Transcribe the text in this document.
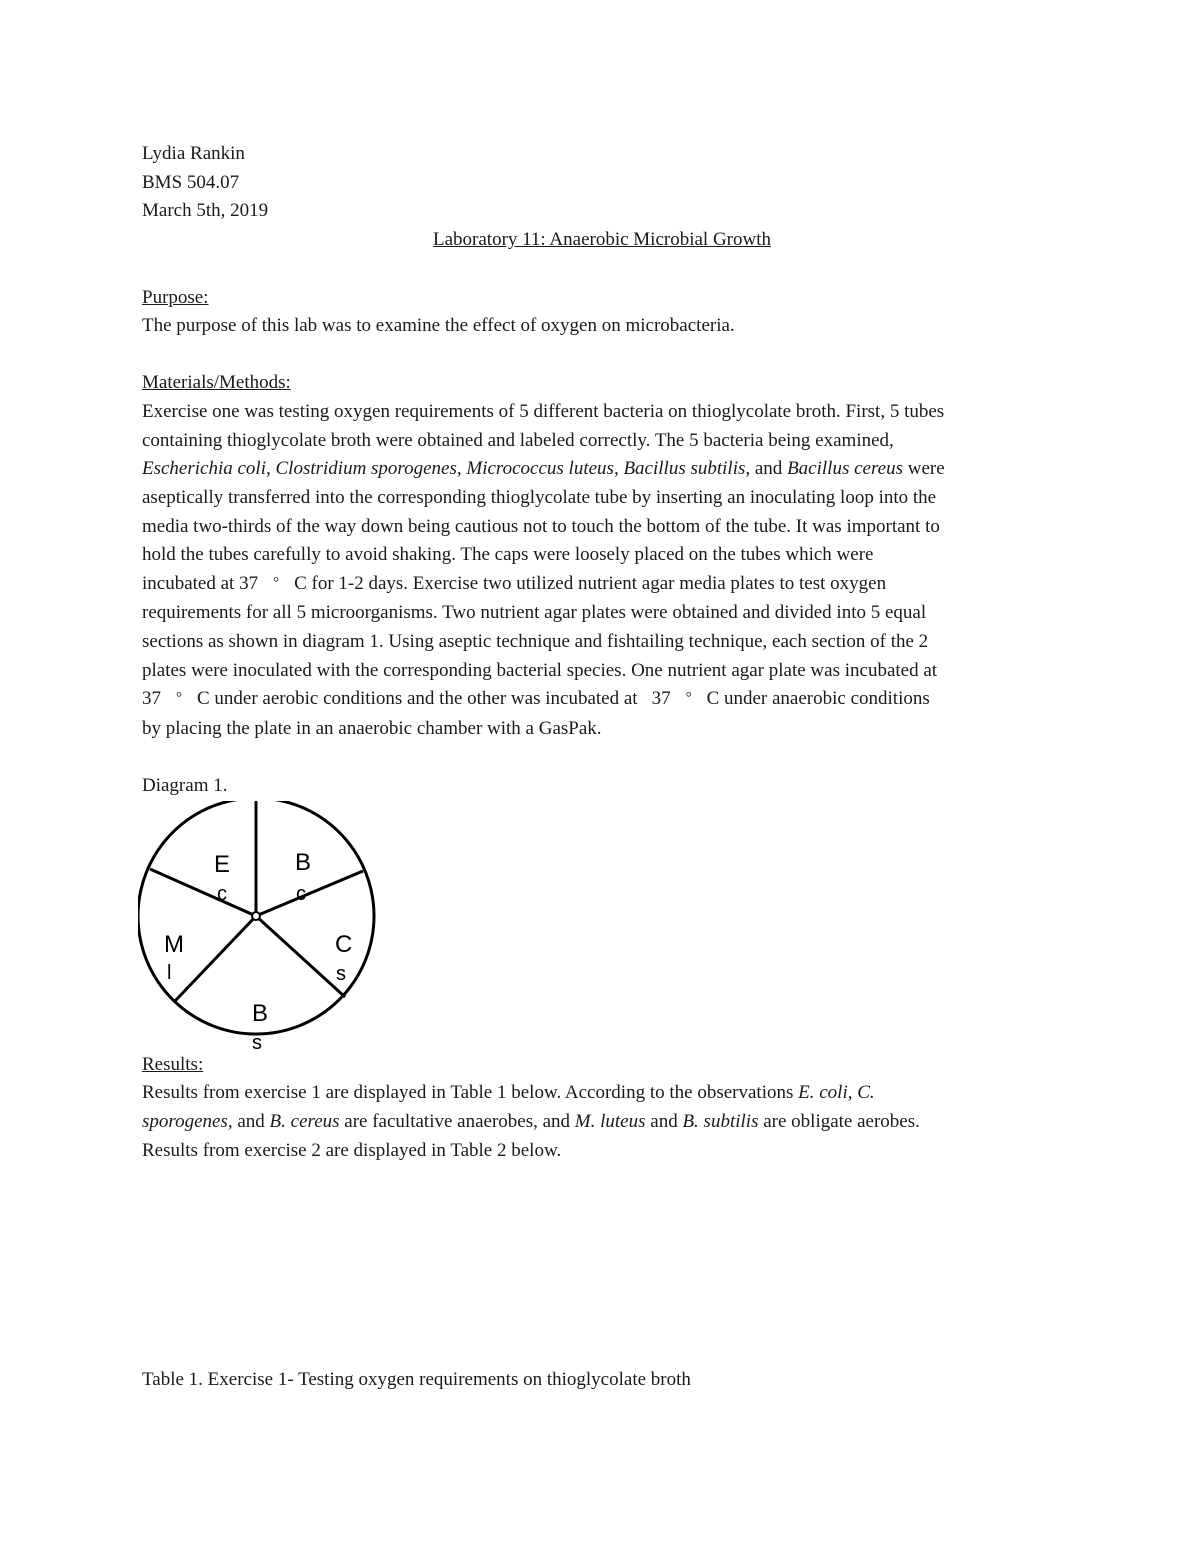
Lydia Rankin
BMS 504.07
March 5th, 2019
Laboratory 11: Anaerobic Microbial Growth
Purpose:
The purpose of this lab was to examine the effect of oxygen on microbacteria.
Materials/Methods:
Exercise one was testing oxygen requirements of 5 different bacteria on thioglycolate broth. First, 5 tubes
containing thioglycolate broth were obtained and labeled correctly. The 5 bacteria being examined,
Escherichia coli, Clostridium sporogenes, Micrococcus luteus, Bacillus subtilis, and Bacillus cereus were
aseptically transferred into the corresponding thioglycolate tube by inserting an inoculating loop into the
media two-thirds of the way down being cautious not to touch the bottom of the tube. It was important to
hold the tubes carefully to avoid shaking. The caps were loosely placed on the tubes which were
incubated at 37 ° C for 1-2 days. Exercise two utilized nutrient agar media plates to test oxygen
requirements for all 5 microorganisms. Two nutrient agar plates were obtained and divided into 5 equal
sections as shown in diagram 1. Using aseptic technique and fishtailing technique, each section of the 2
plates were inoculated with the corresponding bacterial species. One nutrient agar plate was incubated at
37 ° C under aerobic conditions and the other was incubated at 37 ° C under anaerobic conditions
by placing the plate in an anaerobic chamber with a GasPak.
Diagram 1.
E
c
B
c
C
s
B
s
M
l
Results:
Results from exercise 1 are displayed in Table 1 below. According to the observations E. coli, C.
sporogenes, and B. cereus are facultative anaerobes, and M. luteus and B. subtilis are obligate aerobes.
Results from exercise 2 are displayed in Table 2 below.
Table 1. Exercise 1- Testing oxygen requirements on thioglycolate broth
